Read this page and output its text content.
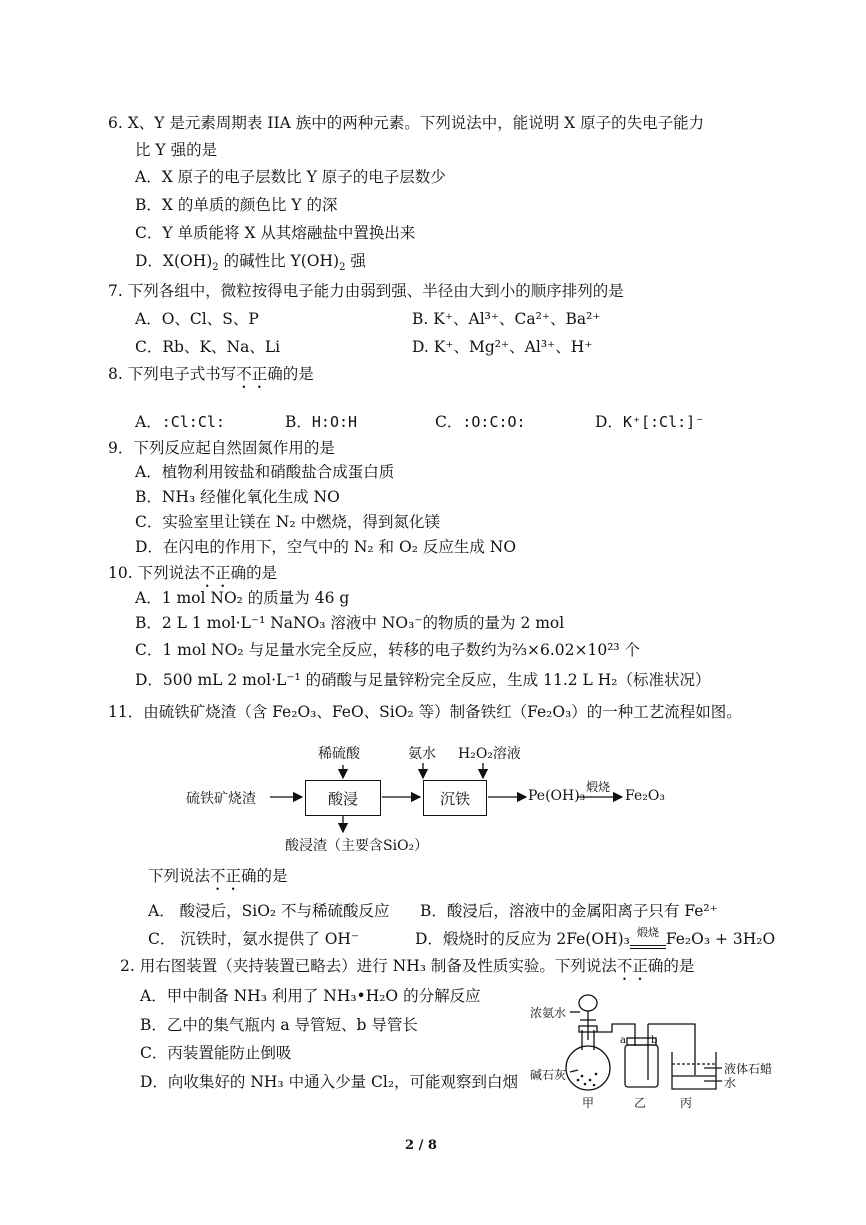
6. X、Y 是元素周期表 IIA 族中的两种元素。下列说法中，能说明 X 原子的失电子能力
比 Y 强的是
A．X 原子的电子层数比 Y 原子的电子层数少
B．X 的单质的颜色比 Y 的深
C．Y 单质能将 X 从其熔融盐中置换出来
D．$X(OH)_2$ 的碱性比 $Y(OH)_2$ 强
7. 下列各组中，微粒按得电子能力由弱到强、半径由大到小的顺序排列的是
A．O、Cl、S、P	B. K⁺、Al³⁺、Ca²⁺、Ba²⁺
C．Rb、K、Na、Li	D. K⁺、Mg²⁺、Al³⁺、H⁺
8. 下列电子式书写不正确的是
A．:Cl:Cl:	B．H:O:H	C．:O:C:O:	D．K⁺[:Cl:]⁻
9．下列反应起自然固氮作用的是
A．植物利用铵盐和硝酸盐合成蛋白质
B．NH₃ 经催化氧化生成 NO
C．实验室里让镁在 N₂ 中燃烧，得到氮化镁
D．在闪电的作用下，空气中的 N₂ 和 O₂ 反应生成 NO
10. 下列说法不正确的是
A．1 mol NO₂ 的质量为 46 g
B．2 L 1 mol·L⁻¹ NaNO₃ 溶液中 NO₃⁻的物质的量为 2 mol
C．1 mol NO₂ 与足量水完全反应，转移的电子数约为⅔×6.02×10²³ 个
D．500 mL 2 mol·L⁻¹ 的硝酸与足量锌粉完全反应，生成 11.2 L H₂（标准状况）
11．由硫铁矿烧渣（含 Fe₂O₃、FeO、SiO₂ 等）制备铁红（Fe₂O₃）的一种工艺流程如图。
硫铁矿烧渣	酸浸
稀硫酸
酸浸渣（主要含SiO₂）
氨水 H₂O₂溶液
沉铁	Pe(OH)₃
煅烧
Fe₂O₃
下列说法不正确的是
A． 酸浸后，SiO₂ 不与稀硫酸反应 B．酸浸后，溶液中的金属阳离子只有 Fe²⁺
C． 沉铁时，氨水提供了 OH⁻	D．煅烧时的反应为 2Fe(OH)₃ 煅烧 Fe₂O₃ + 3H₂O
2. 用右图装置（夹持装置已略去）进行 NH₃ 制备及性质实验。下列说法不正确的是
A．甲中制备 NH₃ 利用了 NH₃•H₂O 的分解反应
B．乙中的集气瓶内 a 导管短、b 导管长
C．丙装置能防止倒吸
D．向收集好的 NH₃ 中通入少量 Cl₂，可能观察到白烟
浓氨水
碱石灰
a	b
液体石蜡
水
甲	乙	丙
2 / 8
